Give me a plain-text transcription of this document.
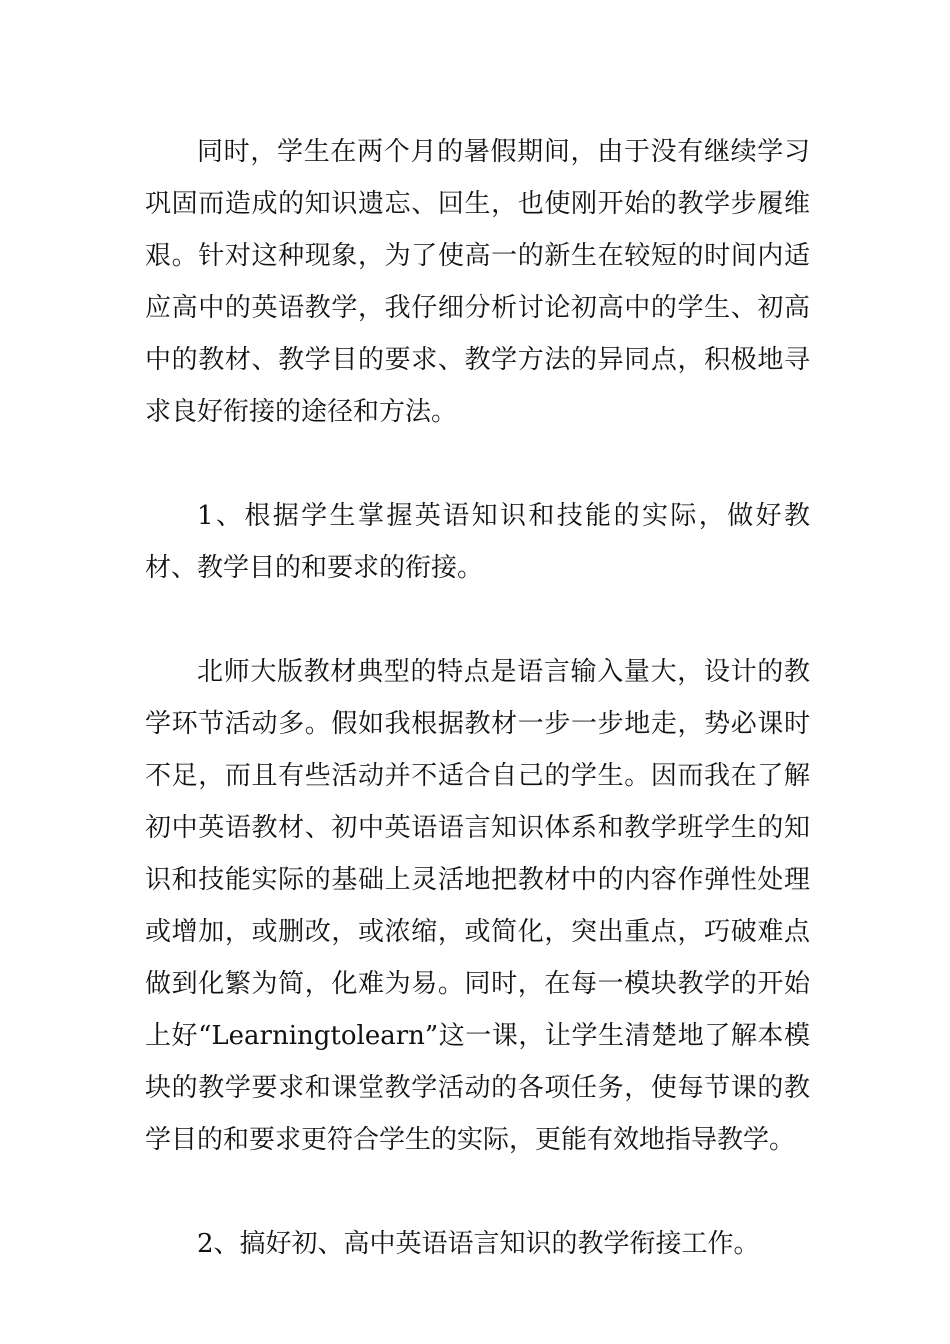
同时，学生在两个月的暑假期间，由于没有继续学习巩固而造成的知识遗忘、回生，也使刚开始的教学步履维艰。针对这种现象，为了使高一的新生在较短的时间内适应高中的英语教学，我仔细分析讨论初高中的学生、初高中的教材、教学目的要求、教学方法的异同点，积极地寻求良好衔接的途径和方法。

1、根据学生掌握英语知识和技能的实际，做好教材、教学目的和要求的衔接。

北师大版教材典型的特点是语言输入量大，设计的教学环节活动多。假如我根据教材一步一步地走，势必课时不足，而且有些活动并不适合自己的学生。因而我在了解初中英语教材、初中英语语言知识体系和教学班学生的知识和技能实际的基础上灵活地把教材中的内容作弹性处理或增加，或删改，或浓缩，或简化，突出重点，巧破难点做到化繁为简，化难为易。同时，在每一模块教学的开始上好“Learningtolearn”这一课，让学生清楚地了解本模块的教学要求和课堂教学活动的各项任务，使每节课的教学目的和要求更符合学生的实际，更能有效地指导教学。

2、搞好初、高中英语语言知识的教学衔接工作。
